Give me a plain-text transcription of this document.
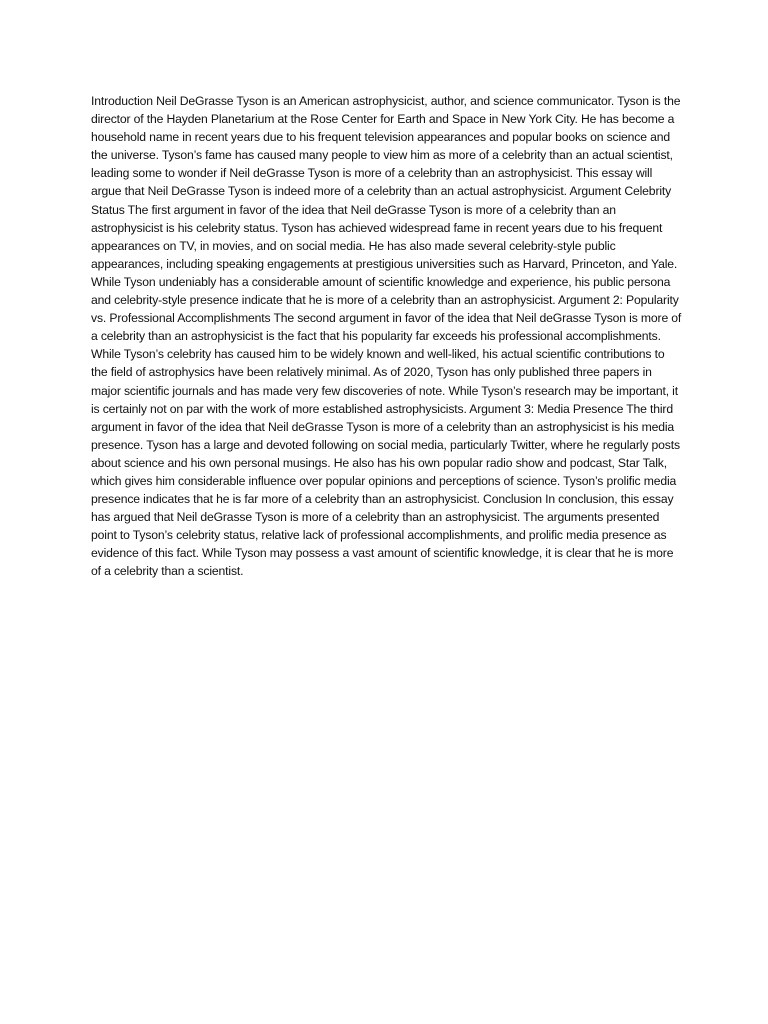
Introduction Neil DeGrasse Tyson is an American astrophysicist, author, and science communicator. Tyson is the director of the Hayden Planetarium at the Rose Center for Earth and Space in New York City. He has become a household name in recent years due to his frequent television appearances and popular books on science and the universe. Tyson’s fame has caused many people to view him as more of a celebrity than an actual scientist, leading some to wonder if Neil deGrasse Tyson is more of a celebrity than an astrophysicist. This essay will argue that Neil DeGrasse Tyson is indeed more of a celebrity than an actual astrophysicist. Argument Celebrity Status The first argument in favor of the idea that Neil deGrasse Tyson is more of a celebrity than an astrophysicist is his celebrity status. Tyson has achieved widespread fame in recent years due to his frequent appearances on TV, in movies, and on social media. He has also made several celebrity-style public appearances, including speaking engagements at prestigious universities such as Harvard, Princeton, and Yale. While Tyson undeniably has a considerable amount of scientific knowledge and experience, his public persona and celebrity-style presence indicate that he is more of a celebrity than an astrophysicist. Argument 2: Popularity vs. Professional Accomplishments The second argument in favor of the idea that Neil deGrasse Tyson is more of a celebrity than an astrophysicist is the fact that his popularity far exceeds his professional accomplishments. While Tyson’s celebrity has caused him to be widely known and well-liked, his actual scientific contributions to the field of astrophysics have been relatively minimal. As of 2020, Tyson has only published three papers in major scientific journals and has made very few discoveries of note. While Tyson’s research may be important, it is certainly not on par with the work of more established astrophysicists. Argument 3: Media Presence The third argument in favor of the idea that Neil deGrasse Tyson is more of a celebrity than an astrophysicist is his media presence. Tyson has a large and devoted following on social media, particularly Twitter, where he regularly posts about science and his own personal musings. He also has his own popular radio show and podcast, Star Talk, which gives him considerable influence over popular opinions and perceptions of science. Tyson’s prolific media presence indicates that he is far more of a celebrity than an astrophysicist. Conclusion In conclusion, this essay has argued that Neil deGrasse Tyson is more of a celebrity than an astrophysicist. The arguments presented point to Tyson’s celebrity status, relative lack of professional accomplishments, and prolific media presence as evidence of this fact. While Tyson may possess a vast amount of scientific knowledge, it is clear that he is more of a celebrity than a scientist.
